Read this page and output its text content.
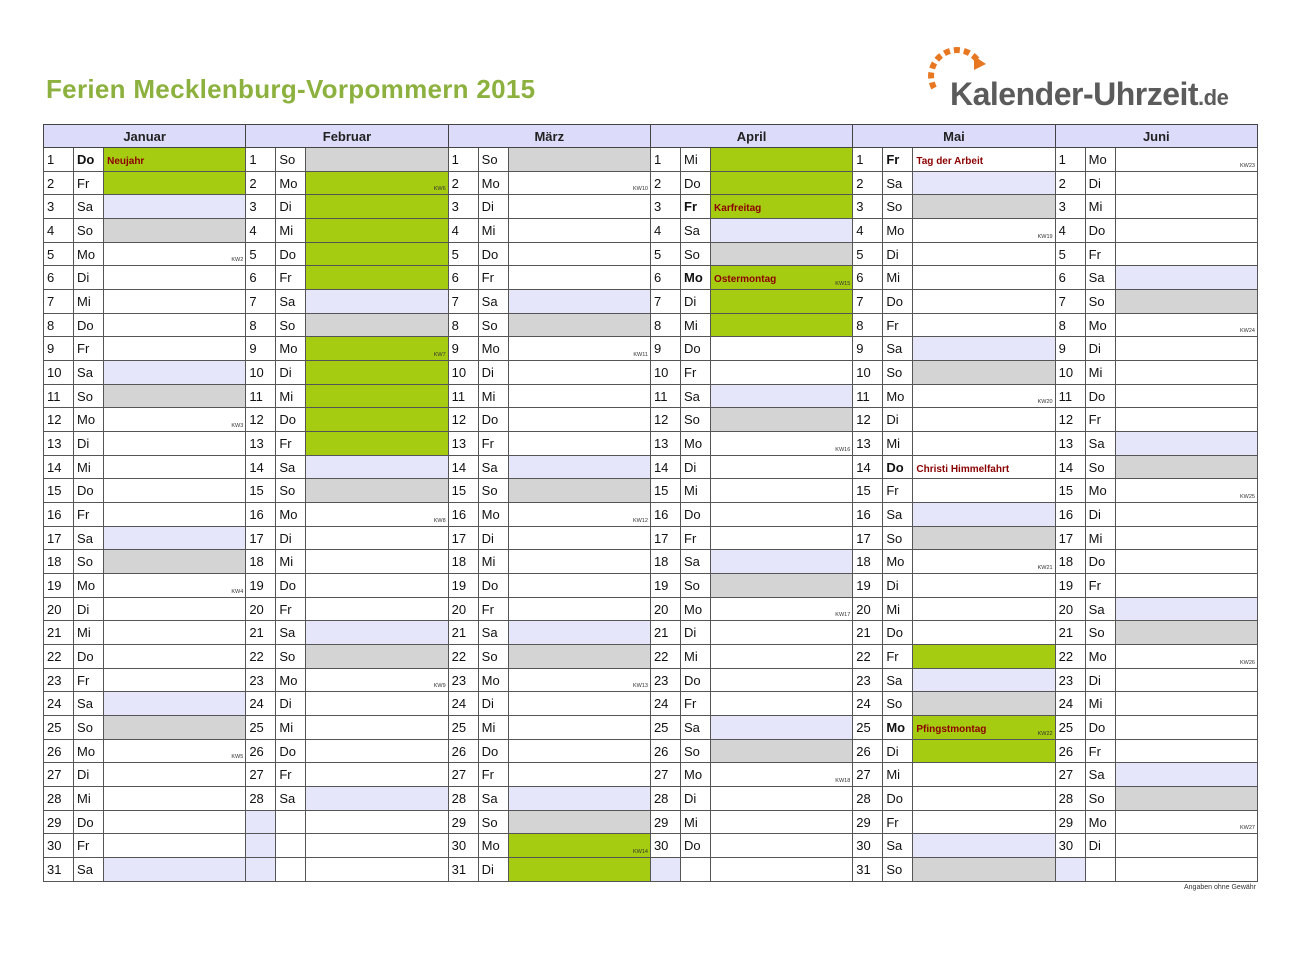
Ferien Mecklenburg-Vorpommern 2015	Kalender-Uhrzeit.de
Januar			Februar			März			April			Mai			Juni		
1	Do	Neujahr	1	So		1	So		1	Mi		1	Fr	Tag der Arbeit	1	Mo	KW23

2	Fr		2	Mo	KW6	2	Mo	KW10	2	Do		2	Sa		2	Di	
3	Sa		3	Di		3	Di		3	Fr	Karfreitag	3	So		3	Mi	
4	So		4	Mi		4	Mi		4	Sa		4	Mo	KW19	4	Do	
5	Mo	KW2	5	Do		5	Do		5	So		5	Di		5	Fr	
6	Di		6	Fr		6	Fr		6	Mo	Ostermontag KW15	6	Mi		6	Sa	
7	Mi		7	Sa		7	Sa		7	Di		7	Do		7	So	
8	Do		8	So		8	So		8	Mi		8	Fr		8	Mo	KW24

9	Fr		9	Mo	KW7	9	Mo	KW11	9	Do		9	Sa		9	Di	
10	Sa		10	Di		10	Di		10	Fr		10	So		10	Mi	
11	So		11	Mi		11	Mi		11	Sa		11	Mo	KW20	11	Do	
12	Mo	KW3	12	Do		12	Do		12	So		12	Di		12	Fr	
13	Di		13	Fr		13	Fr		13	Mo	KW16	13	Mi		13	Sa	
14	Mi		14	Sa		14	Sa		14	Di		14	Do	Christi Himmelfahrt	14	So	
15	Do		15	So		15	So		15	Mi		15	Fr		15	Mo	KW25

16	Fr		16	Mo	KW8	16	Mo	KW12	16	Do		16	Sa		16	Di	
17	Sa		17	Di		17	Di		17	Fr		17	So		17	Mi	
18	So		18	Mi		18	Mi		18	Sa		18	Mo	KW21	18	Do	
19	Mo	KW4	19	Do		19	Do		19	So		19	Di		19	Fr	
20	Di		20	Fr		20	Fr		20	Mo	KW17	20	Mi		20	Sa	
21	Mi		21	Sa		21	Sa		21	Di		21	Do		21	So	
22	Do		22	So		22	So		22	Mi		22	Fr		22	Mo	KW26

23	Fr		23	Mo	KW9	23	Mo	KW13	23	Do		23	Sa		23	Di	
24	Sa		24	Di		24	Di		24	Fr		24	So		24	Mi	
25	So		25	Mi		25	Mi		25	Sa		25	Mo	Pfingstmontag KW22	25	Do	
26	Mo	KW5	26	Do		26	Do		26	So		26	Di		26	Fr	
27	Di		27	Fr		27	Fr		27	Mo	KW18	27	Mi		27	Sa	
28	Mi		28	Sa		28	Sa		28	Di		28	Do		28	So	
29	Do					29	So		29	Mi		29	Fr		29	Mo	KW27

30	Fr					30	Mo	KW14	30	Do		30	Sa		30	Di	
31	Sa					31	Di					31	So				
Angaben ohne Gewähr
